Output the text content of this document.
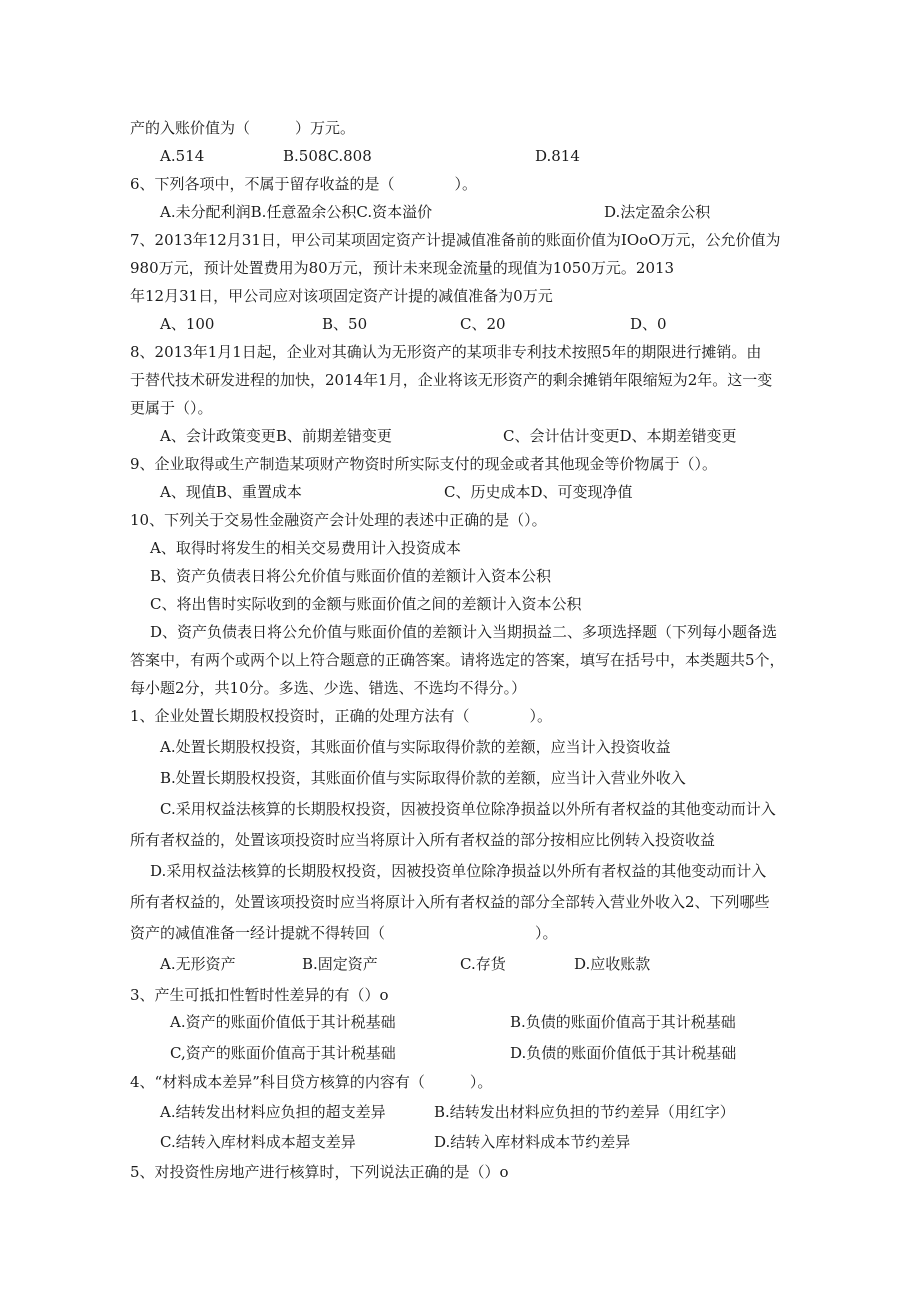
产的入账价值为（　　　）万元。
A.514	B.508C.808	D.814
6、下列各项中，不属于留存收益的是（　　　　）。
A.未分配利润B.任意盈余公积C.资本溢价	D.法定盈余公积
7、2013年12月31日，甲公司某项固定资产计提减值准备前的账面价值为IOoO万元，公允价值为
980万元，预计处置费用为80万元，预计未来现金流量的现值为1050万元。2013
年12月31日，甲公司应对该项固定资产计提的减值准备为0万元
A、100	B、50	C、20	D、0
8、2013年1月1日起，企业对其确认为无形资产的某项非专利技术按照5年的期限进行摊销。由
于替代技术研发进程的加快，2014年1月，企业将该无形资产的剩余摊销年限缩短为2年。这一变
更属于（）。
A、会计政策变更B、前期差错变更	C、会计估计变更D、本期差错变更
9、企业取得或生产制造某项财产物资时所实际支付的现金或者其他现金等价物属于（）。
A、现值B、重置成本	C、历史成本D、可变现净值
10、下列关于交易性金融资产会计处理的表述中正确的是（）。
A、取得时将发生的相关交易费用计入投资成本
B、资产负债表日将公允价值与账面价值的差额计入资本公积
C、将出售时实际收到的金额与账面价值之间的差额计入资本公积
D、资产负债表日将公允价值与账面价值的差额计入当期损益二、多项选择题（下列每小题备选
答案中，有两个或两个以上符合题意的正确答案。请将选定的答案，填写在括号中，本类题共5个，
每小题2分，共10分。多选、少选、错选、不选均不得分。）
1、企业处置长期股权投资时，正确的处理方法有（　　　　）。
A.处置长期股权投资，其账面价值与实际取得价款的差额，应当计入投资收益
B.处置长期股权投资，其账面价值与实际取得价款的差额，应当计入营业外收入
C.采用权益法核算的长期股权投资，因被投资单位除净损益以外所有者权益的其他变动而计入
所有者权益的，处置该项投资时应当将原计入所有者权益的部分按相应比例转入投资收益
D.采用权益法核算的长期股权投资，因被投资单位除净损益以外所有者权益的其他变动而计入
所有者权益的，处置该项投资时应当将原计入所有者权益的部分全部转入营业外收入2、下列哪些
资产的减值准备一经计提就不得转回（　　　　　　　　　　）。
A.无形资产	B.固定资产	C.存货	D.应收账款
3、产生可抵扣性暂时性差异的有（）o
A.资产的账面价值低于其计税基础	B.负债的账面价值高于其计税基础
C,资产的账面价值高于其计税基础	D.负债的账面价值低于其计税基础
4、“材料成本差异”科目贷方核算的内容有（　　　）。
A.结转发出材料应负担的超支差异	B.结转发出材料应负担的节约差异（用红字）
C.结转入库材料成本超支差异	D.结转入库材料成本节约差异
5、对投资性房地产进行核算时，下列说法正确的是（）o
